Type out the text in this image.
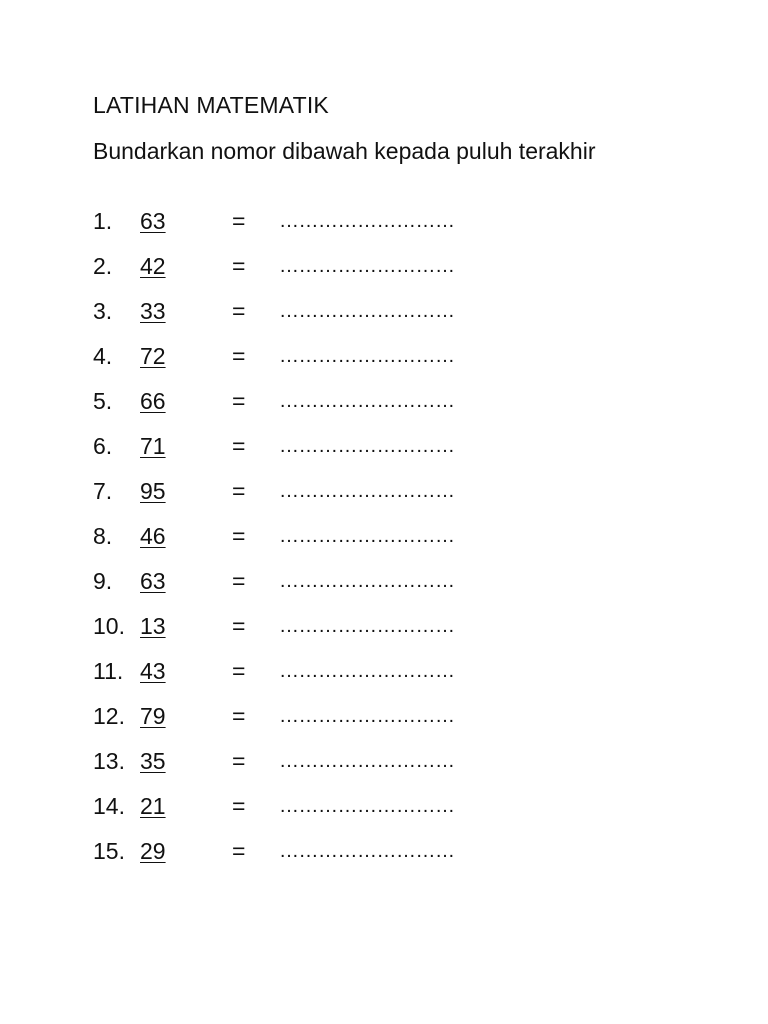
LATIHAN MATEMATIK
Bundarkan nomor dibawah kepada puluh terakhir
1. 63	= ………………………
2. 42	= ………………………
3. 33	= ………………………
4. 72	= ………………………
5. 66	= ………………………
6. 71	= ………………………
7. 95	= ………………………
8. 46	= ………………………
9. 63	= ………………………
10. 13	= ………………………
11. 43	= ………………………
12. 79	= ………………………
13. 35	= ………………………
14. 21	= ………………………
15. 29	= ………………………
